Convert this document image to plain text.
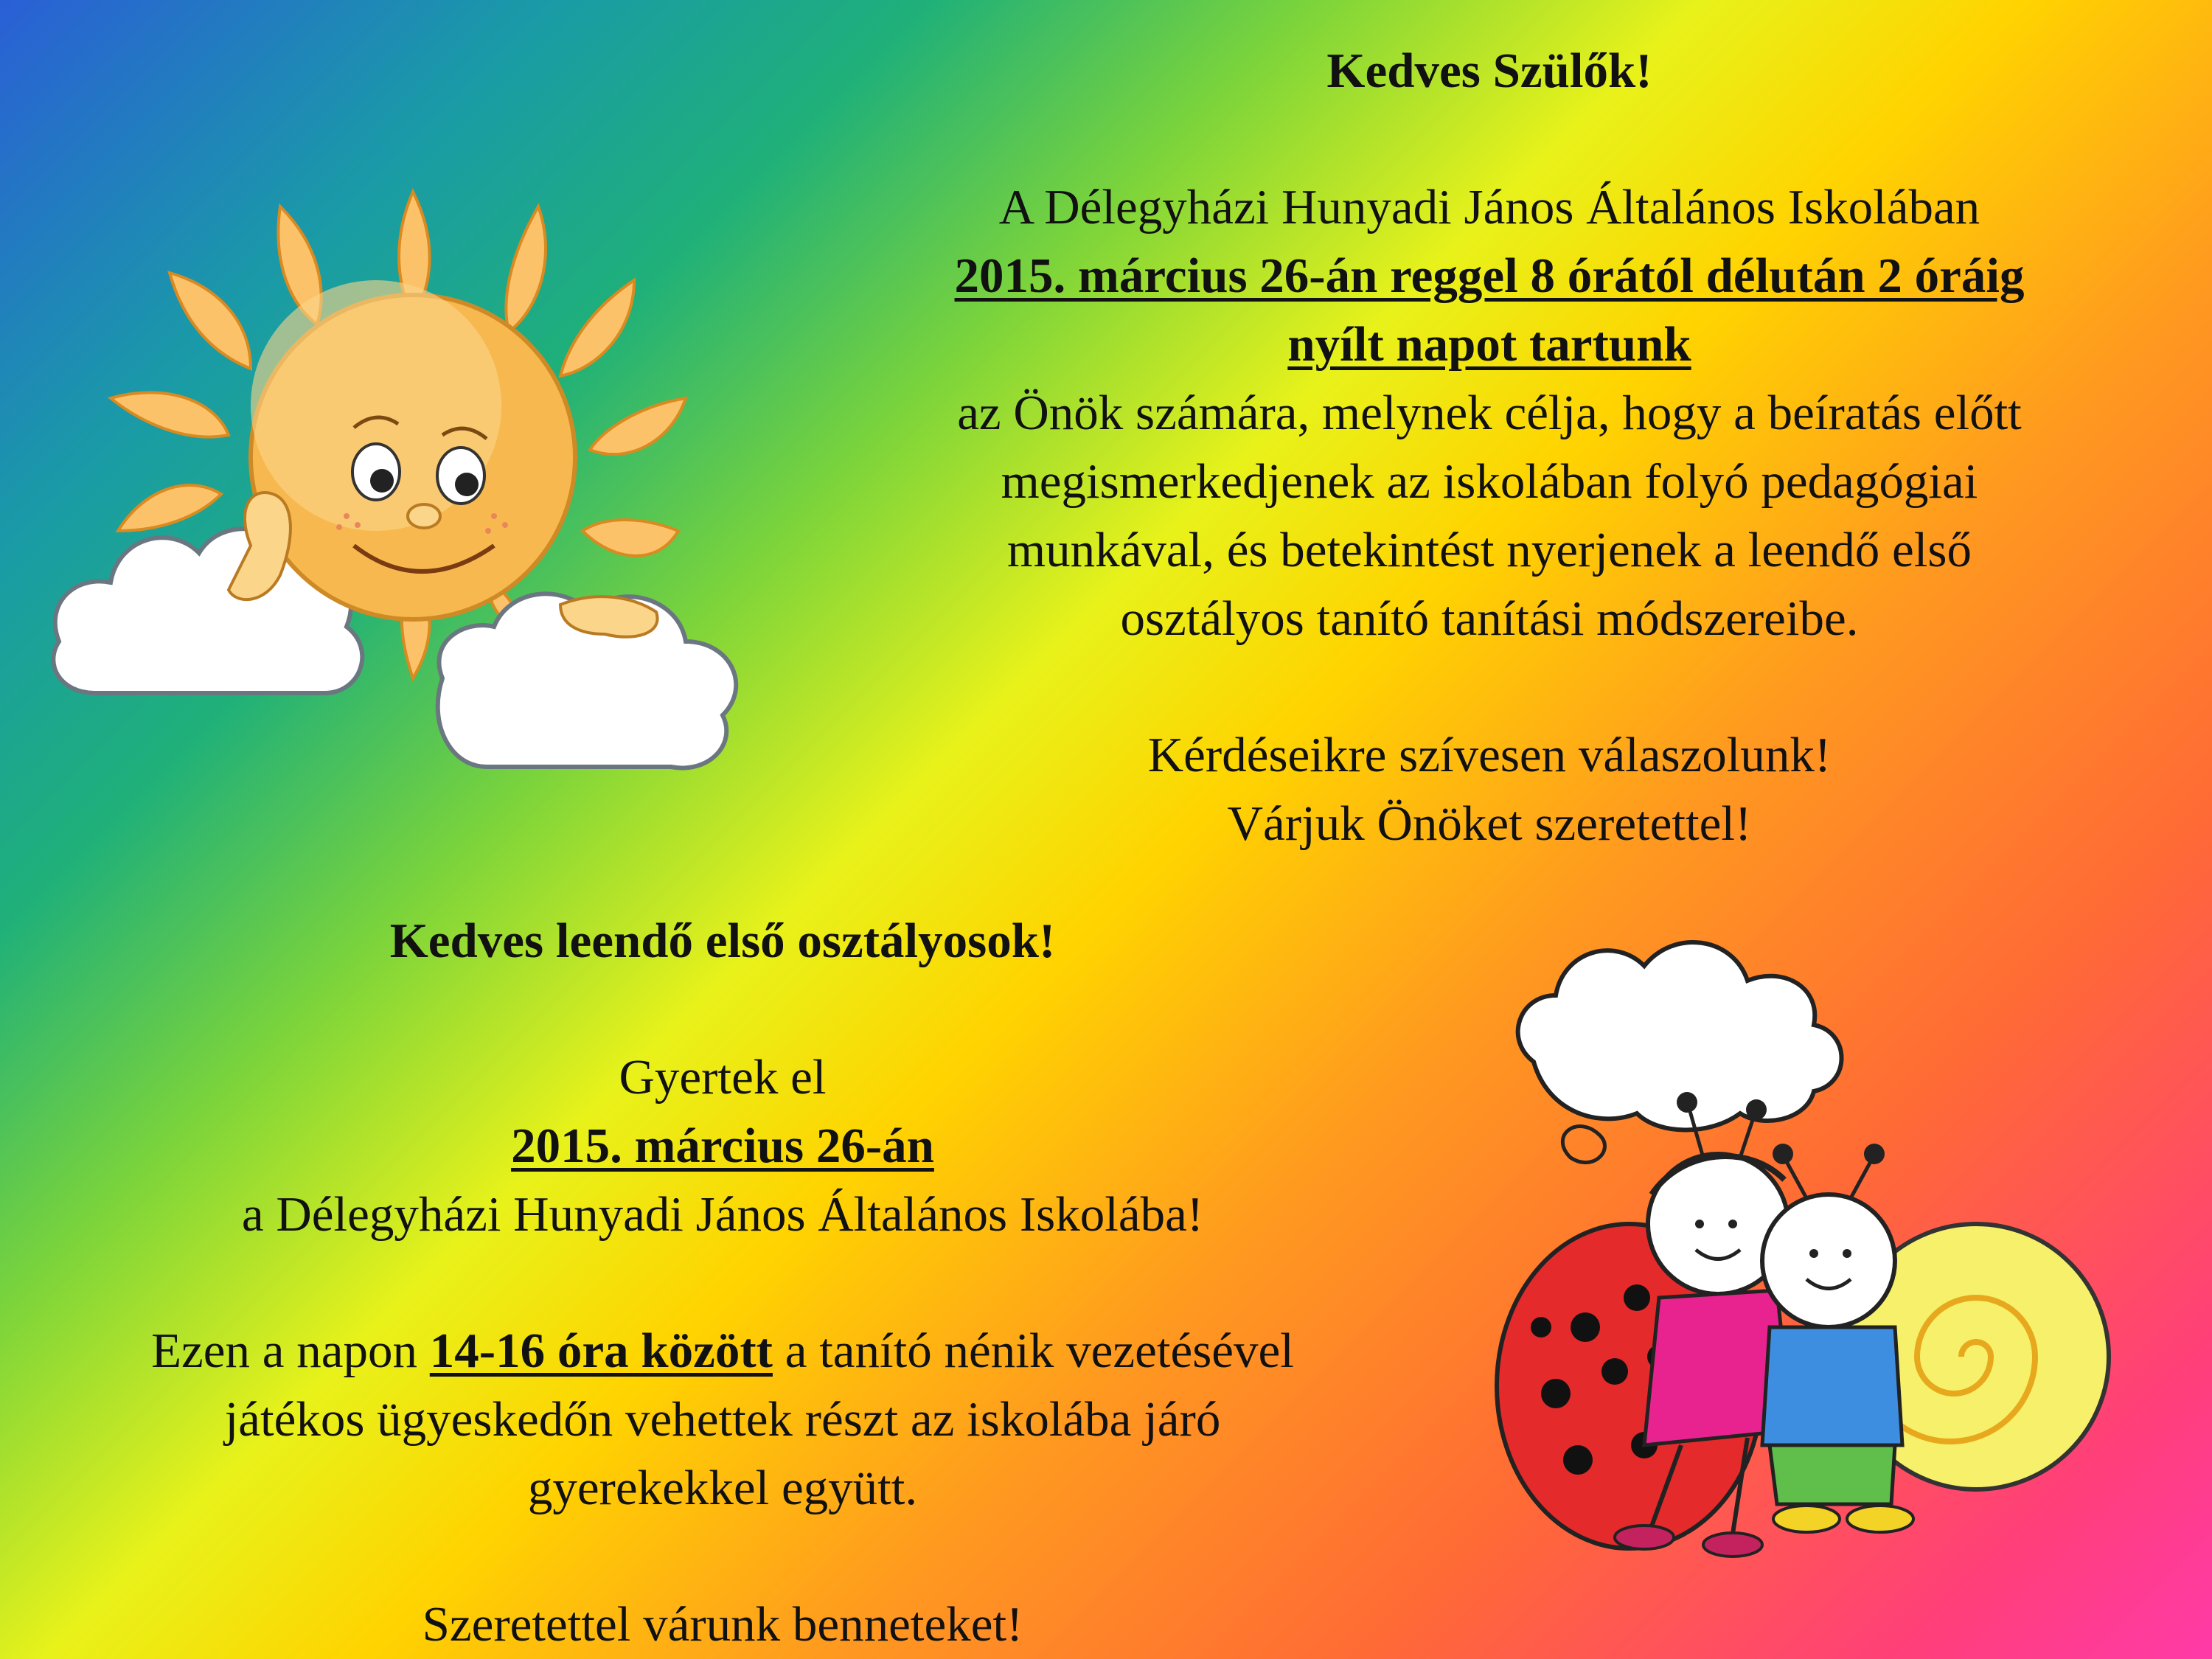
Kedves Szülők!
A Délegyházi Hunyadi János Általános Iskolában
2015. március 26-án reggel 8 órától délután 2 óráig
nyílt napot tartunk
az Önök számára, melynek célja, hogy a beíratás előtt
megismerkedjenek az iskolában folyó pedagógiai
munkával, és betekintést nyerjenek a leendő első
osztályos tanító tanítási módszereibe.
Kérdéseikre szívesen válaszolunk!
Várjuk Önöket szeretettel!
Kedves leendő első osztályosok!
Gyertek el
2015. március 26-án
a Délegyházi Hunyadi János Általános Iskolába!
Ezen a napon 14-16 óra között a tanító nénik vezetésével
játékos ügyeskedőn vehettek részt az iskolába járó
gyerekekkel együtt.
Szeretettel várunk benneteket!
